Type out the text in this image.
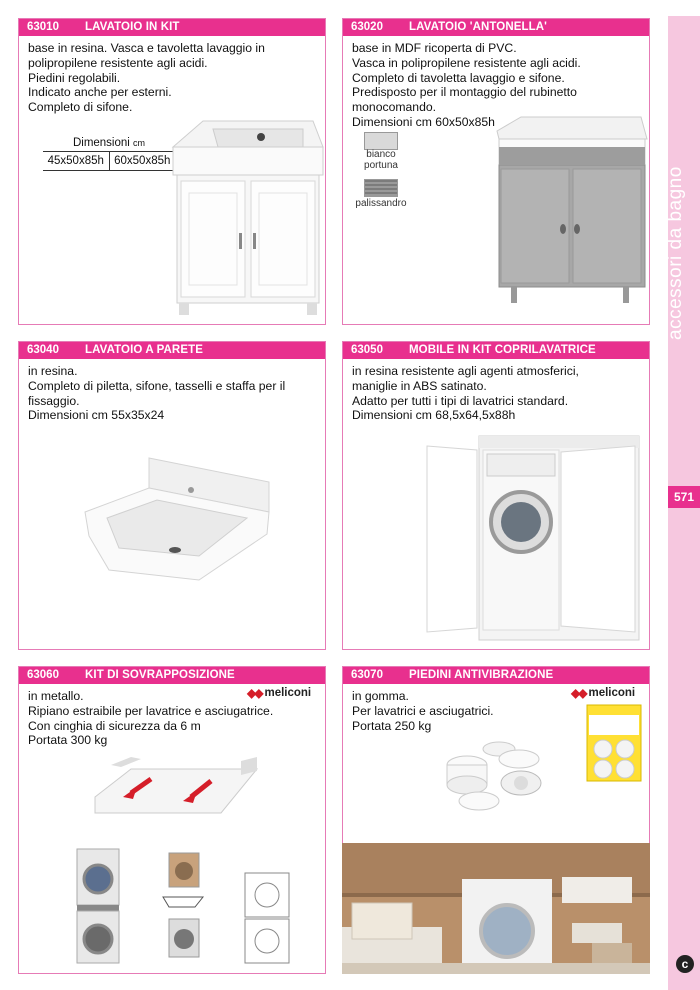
accessori da bagno
571
c
63010	LAVATOIO IN KIT
base in resina. Vasca e tavoletta lavaggio in
polipropilene resistente agli acidi.
Piedini regolabili.
Indicato anche per esterni.
Completo di sifone.
Dimensioni cm
45x50x85h 60x50x85h
63020	LAVATOIO 'ANTONELLA'
base in MDF ricoperta di PVC.
Vasca in polipropilene resistente agli acidi.
Completo di tavoletta lavaggio e sifone.
Predisposto per il montaggio del rubinetto
monocomando.
Dimensioni cm 60x50x85h
bianco portuna
palissandro
63040	LAVATOIO A PARETE
in resina.
Completo di piletta, sifone, tasselli e staffa per il
fissaggio.
Dimensioni cm 55x35x24
63050	MOBILE IN KIT COPRILAVATRICE
in resina resistente agli agenti atmosferici,
maniglie in ABS satinato.
Adatto per tutti i tipi di lavatrici standard.
Dimensioni cm 68,5x64,5x88h
63060	KIT DI SOVRAPPOSIZIONE
◆◆ meliconi
in metallo.
Ripiano estraibile per lavatrice e asciugatrice.
Con cinghia di sicurezza da 6 m
Portata 300 kg
63070	PIEDINI ANTIVIBRAZIONE
◆◆ meliconi
in gomma.
Per lavatrici e asciugatrici.
Portata 250 kg
